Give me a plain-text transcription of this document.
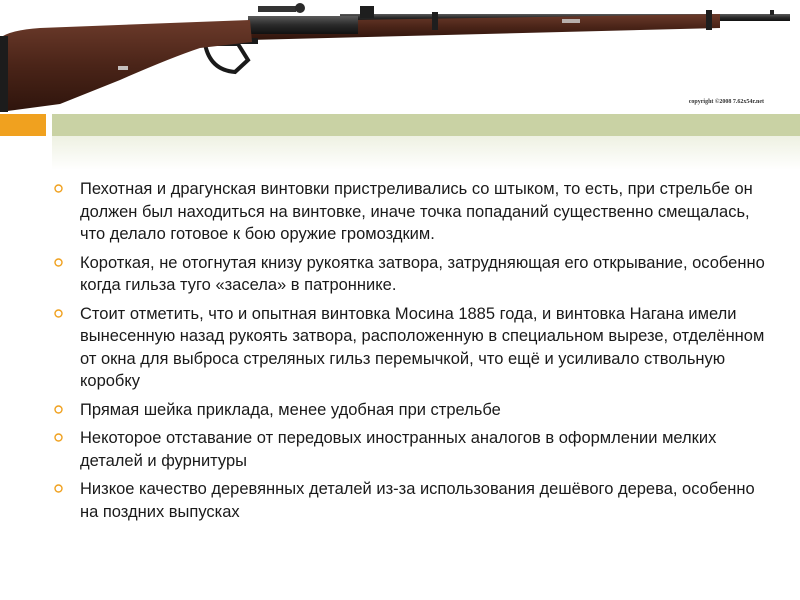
copyright ©2008 7.62x54r.net
Пехотная и драгунская винтовки пристреливались со штыком, то есть, при стрельбе он должен был находиться на винтовке, иначе точка попаданий существенно смещалась, что делало готовое к бою оружие громоздким.
Короткая, не отогнутая книзу рукоятка затвора, затрудняющая его открывание, особенно когда гильза туго «засела» в патроннике.
Стоит отметить, что и опытная винтовка Мосина 1885 года, и винтовка Нагана имели вынесенную назад рукоять затвора, расположенную в специальном вырезе, отделённом от окна для выброса стреляных гильз перемычкой, что ещё и усиливало ствольную коробку
Прямая шейка приклада, менее удобная при стрельбе
Некоторое отставание от передовых иностранных аналогов в оформлении мелких деталей и фурнитуры
Низкое качество деревянных деталей из-за использования дешёвого дерева, особенно на поздних выпусках
